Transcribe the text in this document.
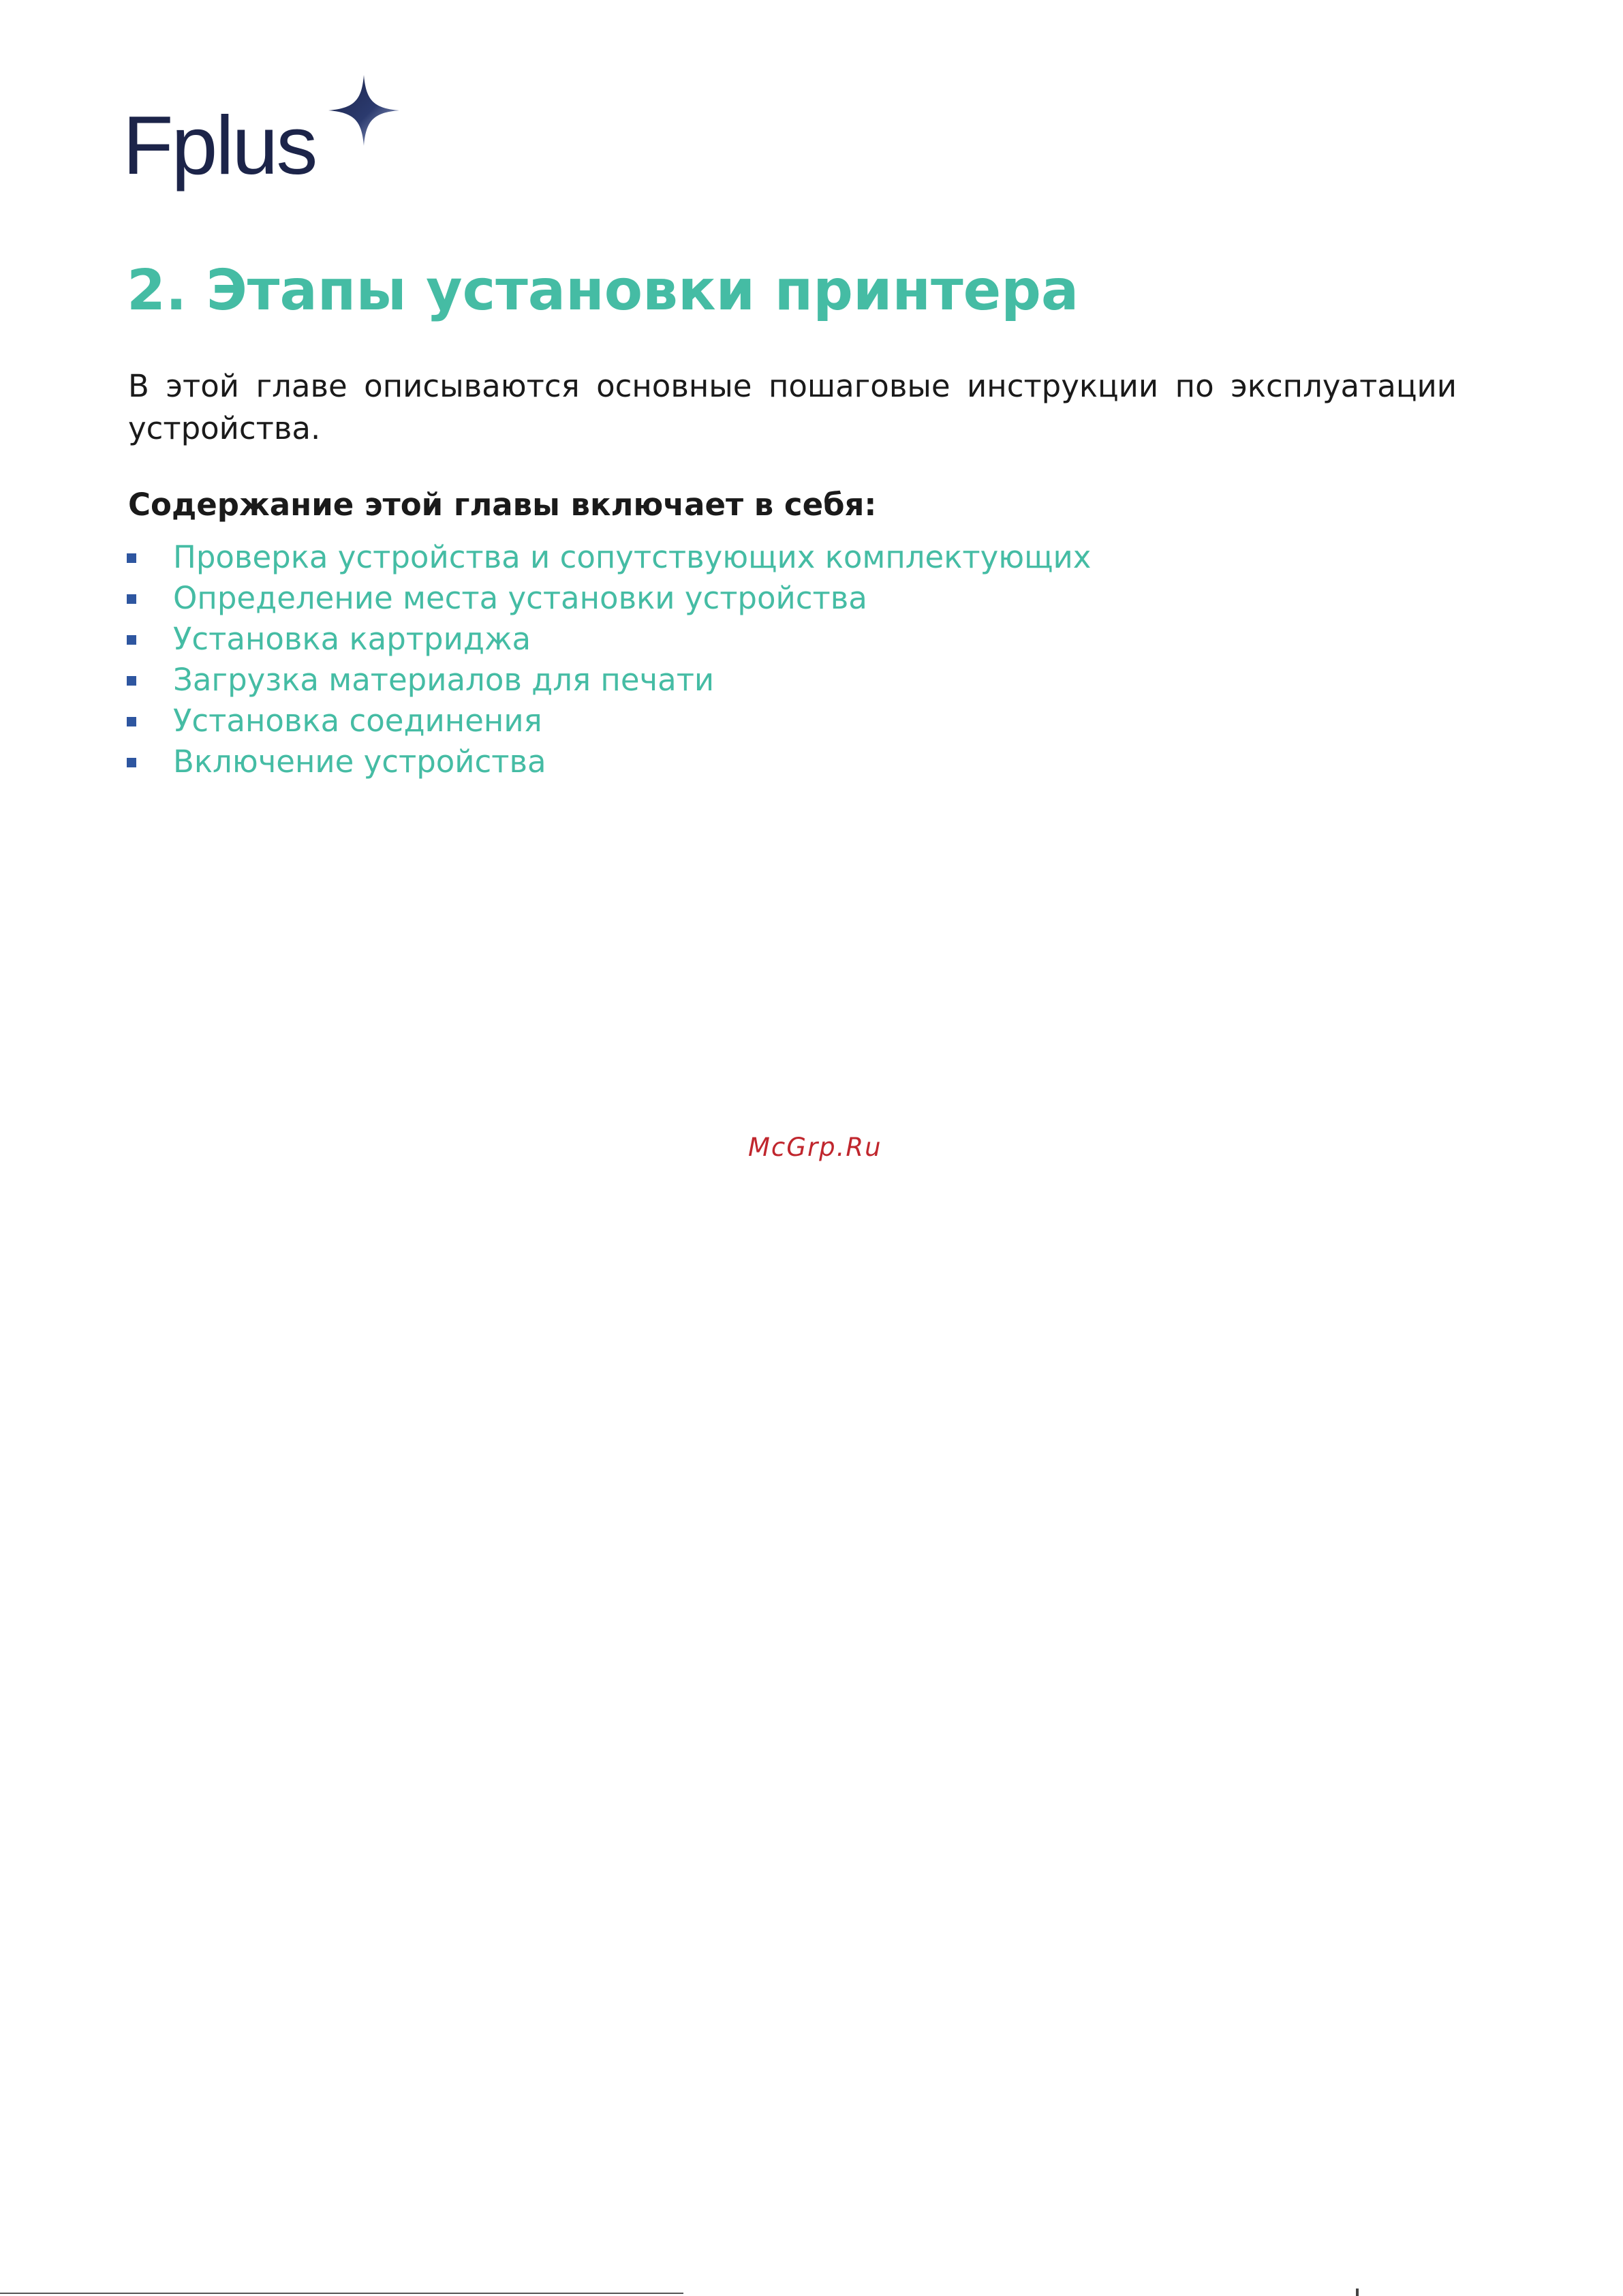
Fplus
2. Этапы установки принтера

В этой главе описываются основные пошаговые инструкции по эксплуатации устройства.

Содержание этой главы включает в себя:
Проверка устройства и сопутствующих комплектующих
Определение места установки устройства
Установка картриджа
Загрузка материалов для печати
Установка соединения
Включение устройства
McGrp.Ru
